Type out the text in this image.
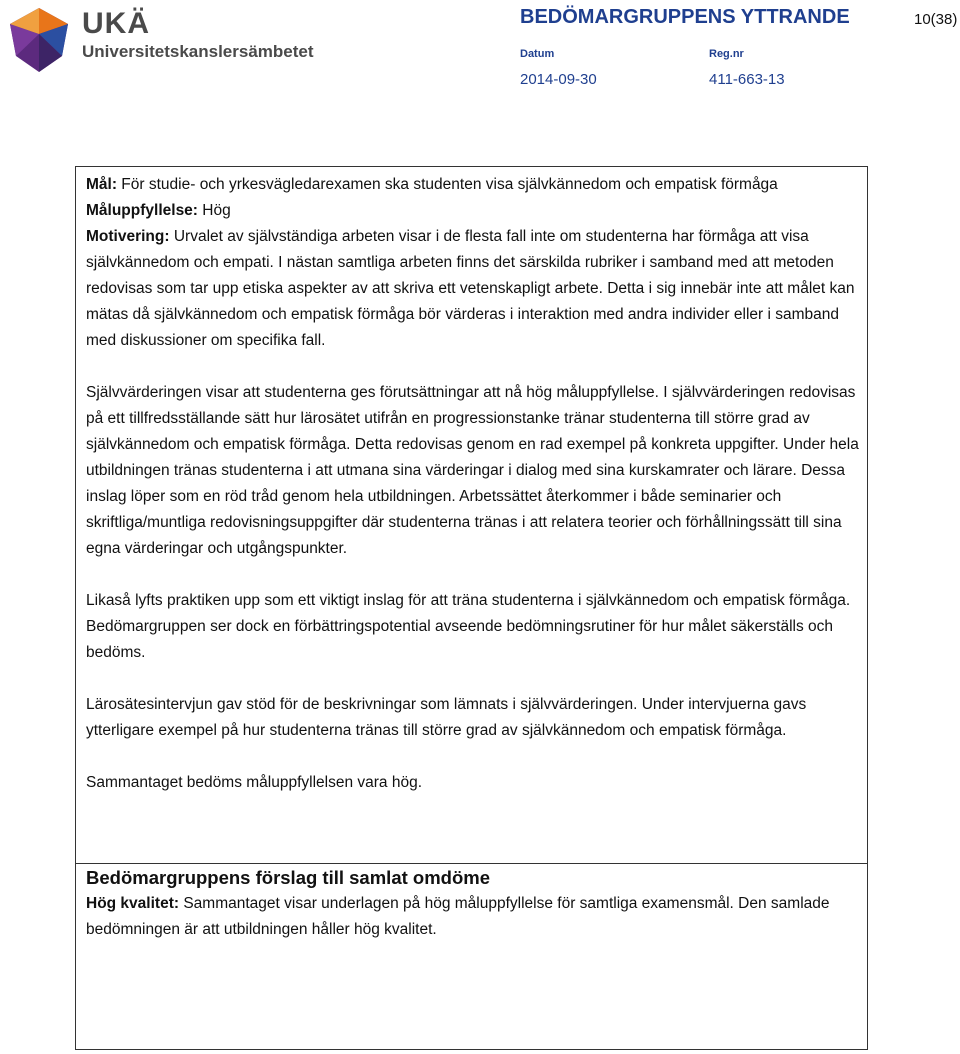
UKÄ
Universitetskanslersämbetet
BEDÖMARGRUPPENS YTTRANDE	10(38)
Datum	Reg.nr
2014-09-30	411-663-13

Mål: För studie- och yrkesvägledarexamen ska studenten visa självkännedom och empatisk förmåga

Måluppfyllelse: Hög

Motivering: Urvalet av självständiga arbeten visar i de flesta fall inte om studenterna har förmåga att visa självkännedom och empati. I nästan samtliga arbeten finns det särskilda rubriker i samband med att metoden redovisas som tar upp etiska aspekter av att skriva ett vetenskapligt arbete. Detta i sig innebär inte att målet kan mätas då självkännedom och empatisk förmåga bör värderas i interaktion med andra individer eller i samband med diskussioner om specifika fall.

Självvärderingen visar att studenterna ges förutsättningar att nå hög måluppfyllelse. I självvärderingen redovisas på ett tillfredsställande sätt hur lärosätet utifrån en progressionstanke tränar studenterna till större grad av självkännedom och empatisk förmåga. Detta redovisas genom en rad exempel på konkreta uppgifter. Under hela utbildningen tränas studenterna i att utmana sina värderingar i dialog med sina kurskamrater och lärare. Dessa inslag löper som en röd tråd genom hela utbildningen. Arbetssättet återkommer i både seminarier och skriftliga/muntliga redovisningsuppgifter där studenterna tränas i att relatera teorier och förhållningssätt till sina egna värderingar och utgångspunkter.

Likaså lyfts praktiken upp som ett viktigt inslag för att träna studenterna i självkännedom och empatisk förmåga. Bedömargruppen ser dock en förbättringspotential avseende bedömningsrutiner för hur målet säkerställs och bedöms.

Lärosätesintervjun gav stöd för de beskrivningar som lämnats i självvärderingen. Under intervjuerna gavs ytterligare exempel på hur studenterna tränas till större grad av självkännedom och empatisk förmåga.

Sammantaget bedöms måluppfyllelsen vara hög.

Bedömargruppens förslag till samlat omdöme

Hög kvalitet: Sammantaget visar underlagen på hög måluppfyllelse för samtliga examensmål. Den samlade bedömningen är att utbildningen håller hög kvalitet.
